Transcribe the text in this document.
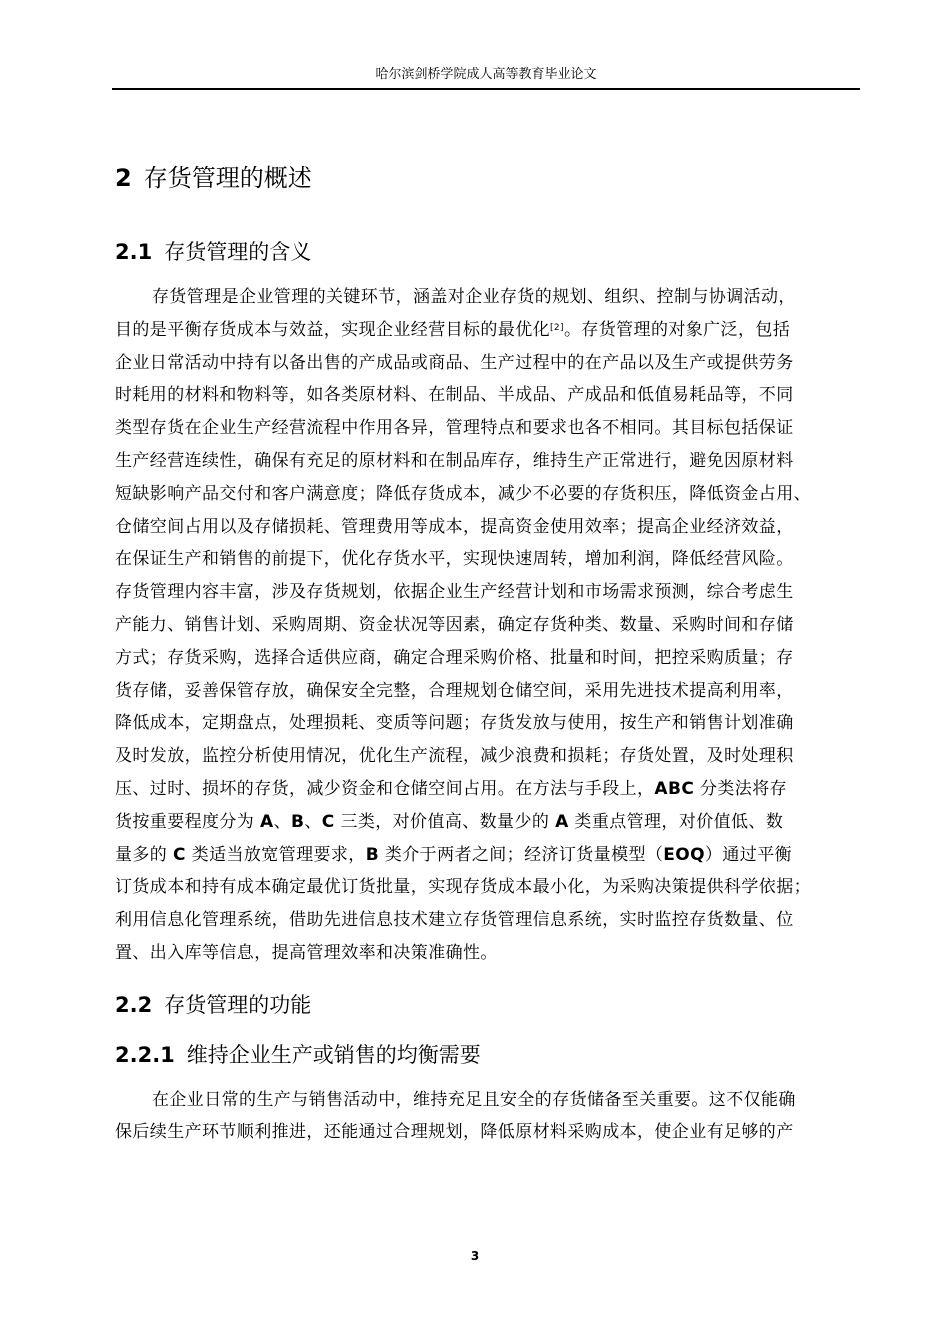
哈尔滨剑桥学院成人高等教育毕业论文
2 存货管理的概述
2.1 存货管理的含义
存货管理是企业管理的关键环节，涵盖对企业存货的规划、组织、控制与协调活动，
目的是平衡存货成本与效益，实现企业经营目标的最优化[2]。存货管理的对象广泛，包括
企业日常活动中持有以备出售的产成品或商品、生产过程中的在产品以及生产或提供劳务
时耗用的材料和物料等，如各类原材料、在制品、半成品、产成品和低值易耗品等，不同
类型存货在企业生产经营流程中作用各异，管理特点和要求也各不相同。其目标包括保证
生产经营连续性，确保有充足的原材料和在制品库存，维持生产正常进行，避免因原材料
短缺影响产品交付和客户满意度；降低存货成本，减少不必要的存货积压，降低资金占用、
仓储空间占用以及存储损耗、管理费用等成本，提高资金使用效率；提高企业经济效益，
在保证生产和销售的前提下，优化存货水平，实现快速周转，增加利润，降低经营风险。
存货管理内容丰富，涉及存货规划，依据企业生产经营计划和市场需求预测，综合考虑生
产能力、销售计划、采购周期、资金状况等因素，确定存货种类、数量、采购时间和存储
方式；存货采购，选择合适供应商，确定合理采购价格、批量和时间，把控采购质量；存
货存储，妥善保管存放，确保安全完整，合理规划仓储空间，采用先进技术提高利用率，
降低成本，定期盘点，处理损耗、变质等问题；存货发放与使用，按生产和销售计划准确
及时发放，监控分析使用情况，优化生产流程，减少浪费和损耗；存货处置，及时处理积
压、过时、损坏的存货，减少资金和仓储空间占用。在方法与手段上，ABC 分类法将存
货按重要程度分为 A、B、C 三类，对价值高、数量少的 A 类重点管理，对价值低、数
量多的 C 类适当放宽管理要求，B 类介于两者之间；经济订货量模型（EOQ）通过平衡
订货成本和持有成本确定最优订货批量，实现存货成本最小化，为采购决策提供科学依据；
利用信息化管理系统，借助先进信息技术建立存货管理信息系统，实时监控存货数量、位
置、出入库等信息，提高管理效率和决策准确性。
2.2 存货管理的功能
2.2.1 维持企业生产或销售的均衡需要
在企业日常的生产与销售活动中，维持充足且安全的存货储备至关重要。这不仅能确
保后续生产环节顺利推进，还能通过合理规划，降低原材料采购成本，使企业有足够的产
3
